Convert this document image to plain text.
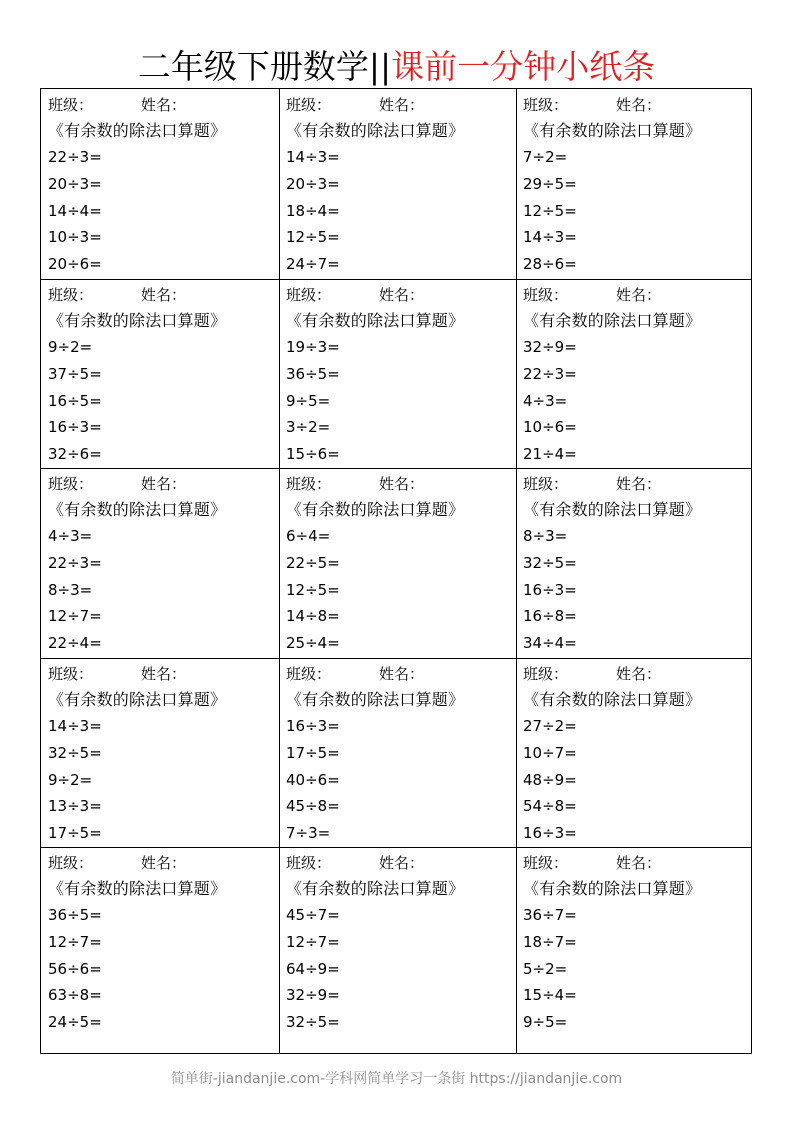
二年级下册数学||课前一分钟小纸条
班级：	姓名：
《有余数的除法口算题》
22÷3=
20÷3=
14÷4=
10÷3=
20÷6=
班级：	姓名：
《有余数的除法口算题》
14÷3=
20÷3=
18÷4=
12÷5=
24÷7=
班级：	姓名：
《有余数的除法口算题》
7÷2=
29÷5=
12÷5=
14÷3=
28÷6=
班级：	姓名：
《有余数的除法口算题》
9÷2=
37÷5=
16÷5=
16÷3=
32÷6=
班级：	姓名：
《有余数的除法口算题》
19÷3=
36÷5=
9÷5=
3÷2=
15÷6=
班级：	姓名：
《有余数的除法口算题》
32÷9=
22÷3=
4÷3=
10÷6=
21÷4=
班级：	姓名：
《有余数的除法口算题》
4÷3=
22÷3=
8÷3=
12÷7=
22÷4=
班级：	姓名：
《有余数的除法口算题》
6÷4=
22÷5=
12÷5=
14÷8=
25÷4=
班级：	姓名：
《有余数的除法口算题》
8÷3=
32÷5=
16÷3=
16÷8=
34÷4=
班级：	姓名：
《有余数的除法口算题》
14÷3=
32÷5=
9÷2=
13÷3=
17÷5=
班级：	姓名：
《有余数的除法口算题》
16÷3=
17÷5=
40÷6=
45÷8=
7÷3=
班级：	姓名：
《有余数的除法口算题》
27÷2=
10÷7=
48÷9=
54÷8=
16÷3=
班级：	姓名：
《有余数的除法口算题》
36÷5=
12÷7=
56÷6=
63÷8=
24÷5=
班级：	姓名：
《有余数的除法口算题》
45÷7=
12÷7=
64÷9=
32÷9=
32÷5=
班级：	姓名：
《有余数的除法口算题》
36÷7=
18÷7=
5÷2=
15÷4=
9÷5=
简单街-jiandanjie.com-学科网简单学习一条街 https://jiandanjie.com
